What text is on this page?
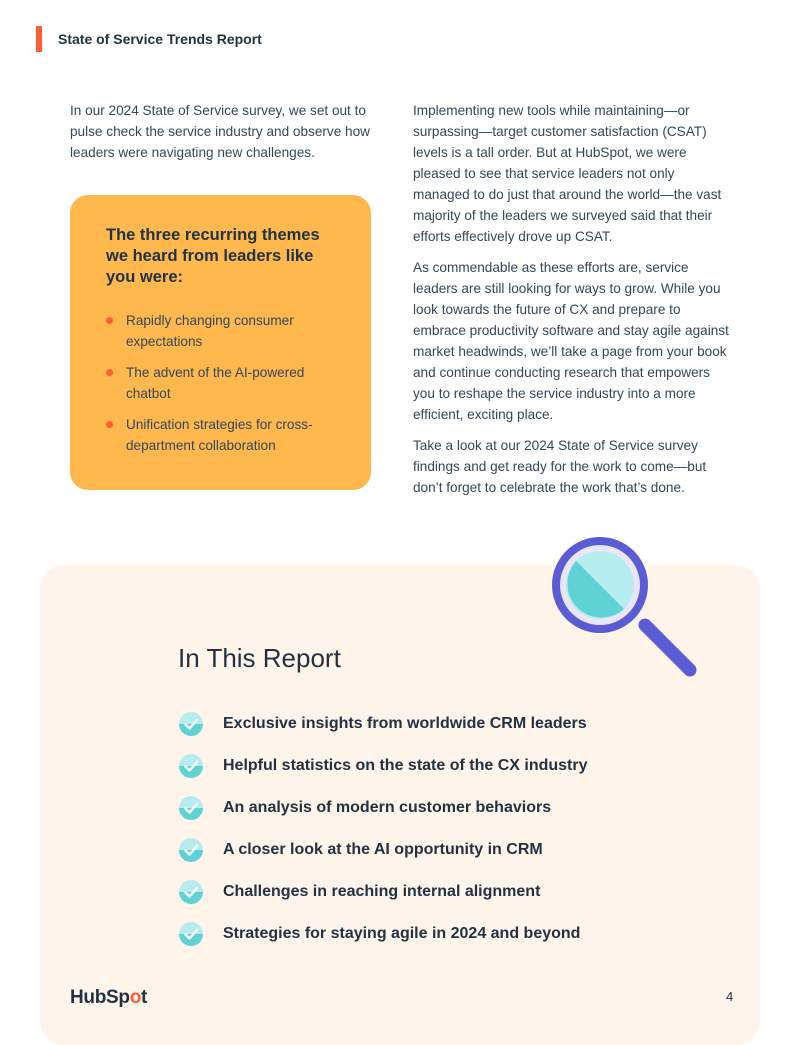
State of Service Trends Report

In our 2024 State of Service survey, we set out to pulse check the service industry and observe how leaders were navigating new challenges.

The three recurring themes we heard from leaders like you were:
Rapidly changing consumer expectations
The advent of the AI-powered chatbot
Unification strategies for cross-department collaboration

Implementing new tools while maintaining—or surpassing—target customer satisfaction (CSAT) levels is a tall order. But at HubSpot, we were pleased to see that service leaders not only managed to do just that around the world—the vast majority of the leaders we surveyed said that their efforts effectively drove up CSAT.

As commendable as these efforts are, service leaders are still looking for ways to grow. While you look towards the future of CX and prepare to embrace productivity software and stay agile against market headwinds, we’ll take a page from your book and continue conducting research that empowers you to reshape the service industry into a more efficient, exciting place.

Take a look at our 2024 State of Service survey findings and get ready for the work to come—but don’t forget to celebrate the work that’s done.

In This Report
Exclusive insights from worldwide CRM leaders
Helpful statistics on the state of the CX industry
An analysis of modern customer behaviors
A closer look at the AI opportunity in CRM
Challenges in reaching internal alignment
Strategies for staying agile in 2024 and beyond
HubSpot	4
